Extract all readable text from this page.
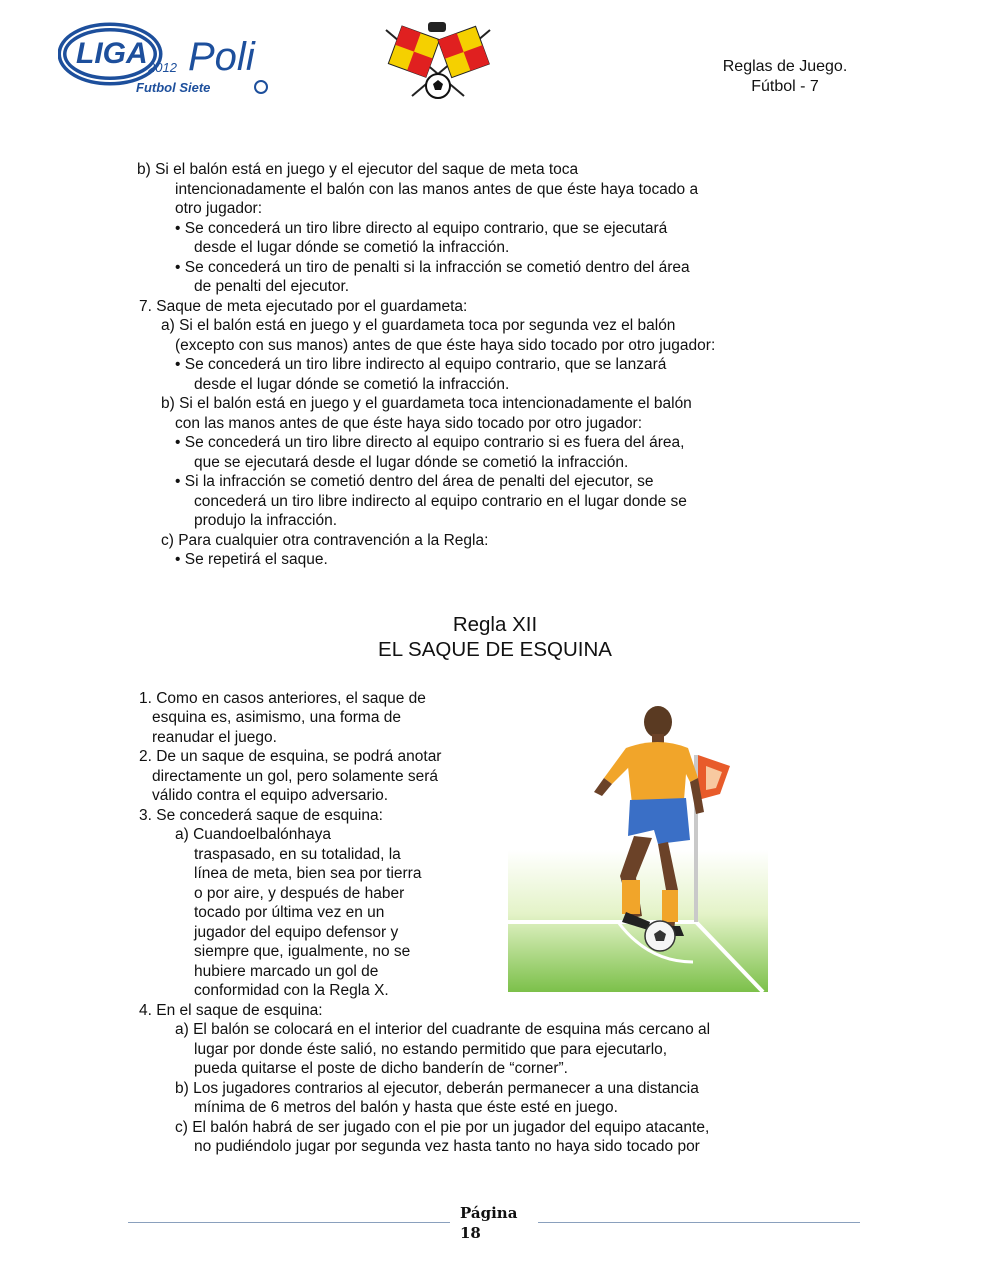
LIGA Poli
2012
Futbol Siete
Reglas de Juego.
Fútbol - 7
b) Si el balón está en juego y el ejecutor del saque de meta toca
intencionadamente el balón con las manos antes de que éste haya tocado a
otro jugador:
• Se concederá un tiro libre directo al equipo contrario, que se ejecutará
desde el lugar dónde se cometió la infracción.
• Se concederá un tiro de penalti si la infracción se cometió dentro del área
de penalti del ejecutor.
7. Saque de meta ejecutado por el guardameta:
a) Si el balón está en juego y el guardameta toca por segunda vez el balón
(excepto con sus manos) antes de que éste haya sido tocado por otro jugador:
• Se concederá un tiro libre indirecto al equipo contrario, que se lanzará
desde el lugar dónde se cometió la infracción.
b) Si el balón está en juego y el guardameta toca intencionadamente el balón
con las manos antes de que éste haya sido tocado por otro jugador:
• Se concederá un tiro libre directo al equipo contrario si es fuera del área,
que se ejecutará desde el lugar dónde se cometió la infracción.
• Si la infracción se cometió dentro del área de penalti del ejecutor, se
concederá un tiro libre indirecto al equipo contrario en el lugar donde se
produjo la infracción.
c) Para cualquier otra contravención a la Regla:
• Se repetirá el saque.
Regla XII
EL SAQUE DE ESQUINA
1. Como en casos anteriores, el saque de
esquina es, asimismo, una forma de
reanudar el juego.
2. De un saque de esquina, se podrá anotar
directamente un gol, pero solamente será
válido contra el equipo adversario.
3. Se concederá saque de esquina:
a) Cuandoelbalónhaya
traspasado, en su totalidad, la
línea de meta, bien sea por tierra
o por aire, y después de haber
tocado por última vez en un
jugador del equipo defensor y
siempre que, igualmente, no se
hubiere marcado un gol de
conformidad con la Regla X.
4. En el saque de esquina:
a) El balón se colocará en el interior del cuadrante de esquina más cercano al
lugar por donde éste salió, no estando permitido que para ejecutarlo,
pueda quitarse el poste de dicho banderín de “corner”.
b) Los jugadores contrarios al ejecutor, deberán permanecer a una distancia
mínima de 6 metros del balón y hasta que éste esté en juego.
c) El balón habrá de ser jugado con el pie por un jugador del equipo atacante,
no pudiéndolo jugar por segunda vez hasta tanto no haya sido tocado por
Página
18
